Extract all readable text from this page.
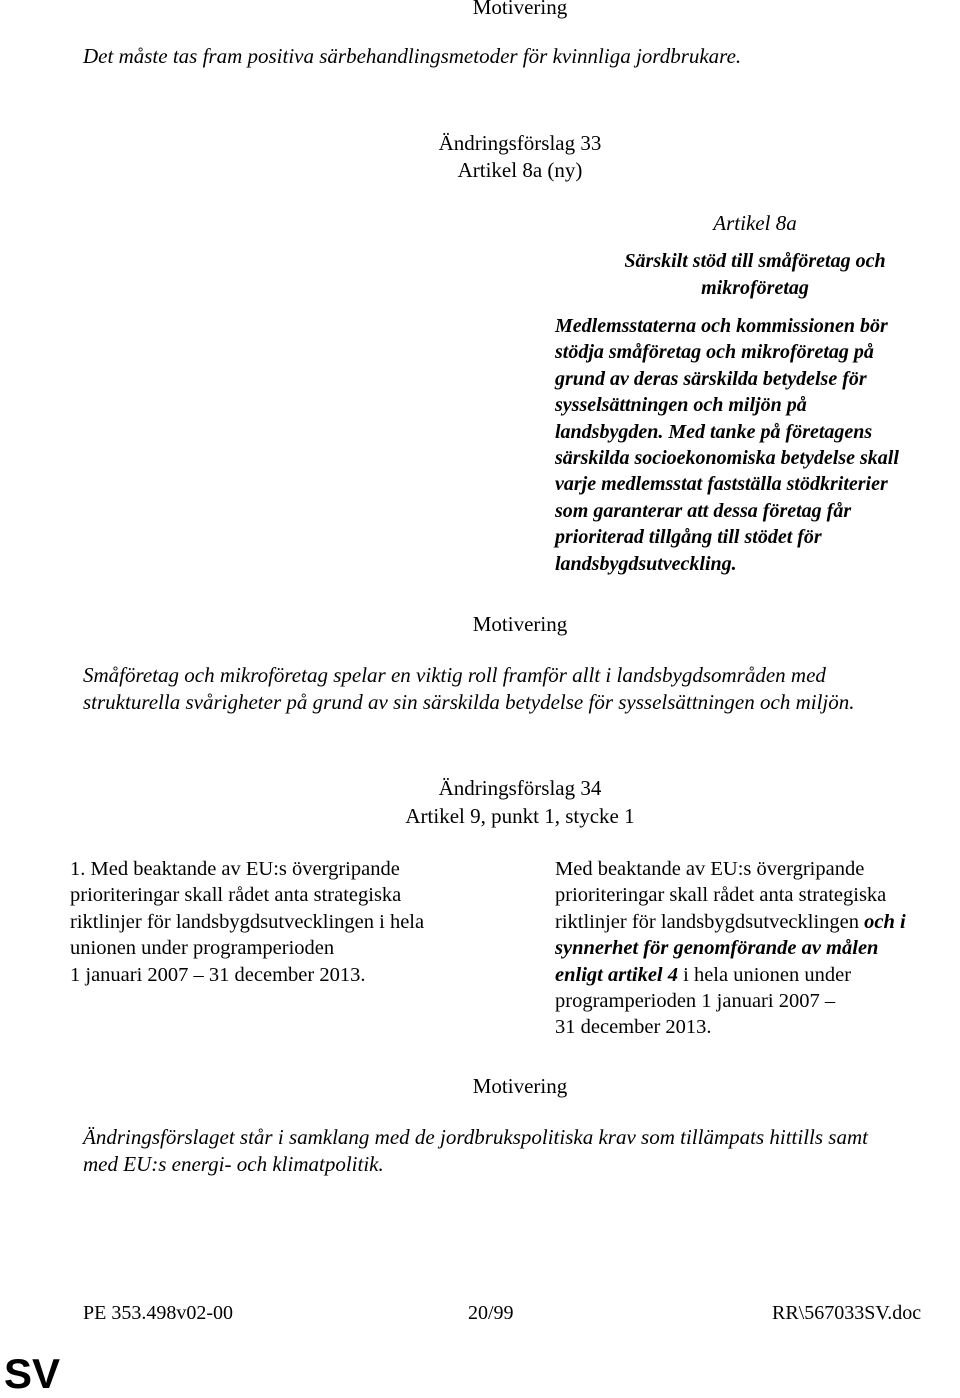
Motivering
Det måste tas fram positiva särbehandlingsmetoder för kvinnliga jordbrukare.
Ändringsförslag 33
Artikel 8a (ny)
Artikel 8a
Särskilt stöd till småföretag och
mikroföretag
Medlemsstaterna och kommissionen bör
stödja småföretag och mikroföretag på
grund av deras särskilda betydelse för
sysselsättningen och miljön på
landsbygden. Med tanke på företagens
särskilda socioekonomiska betydelse skall
varje medlemsstat fastställa stödkriterier
som garanterar att dessa företag får
prioriterad tillgång till stödet för
landsbygdsutveckling.
Motivering
Småföretag och mikroföretag spelar en viktig roll framför allt i landsbygdsområden med
strukturella svårigheter på grund av sin särskilda betydelse för sysselsättningen och miljön.
Ändringsförslag 34
Artikel 9, punkt 1, stycke 1
1. Med beaktande av EU:s övergripande
prioriteringar skall rådet anta strategiska
riktlinjer för landsbygdsutvecklingen i hela
unionen under programperioden
1 januari 2007 – 31 december 2013.
Med beaktande av EU:s övergripande
prioriteringar skall rådet anta strategiska
riktlinjer för landsbygdsutvecklingen och i
synnerhet för genomförande av målen
enligt artikel 4 i hela unionen under
programperioden 1 januari 2007 –
31 december 2013.
Motivering
Ändringsförslaget står i samklang med de jordbrukspolitiska krav som tillämpats hittills samt
med EU:s energi- och klimatpolitik.
PE 353.498v02-00	20/99	RR\567033SV.doc
SV
